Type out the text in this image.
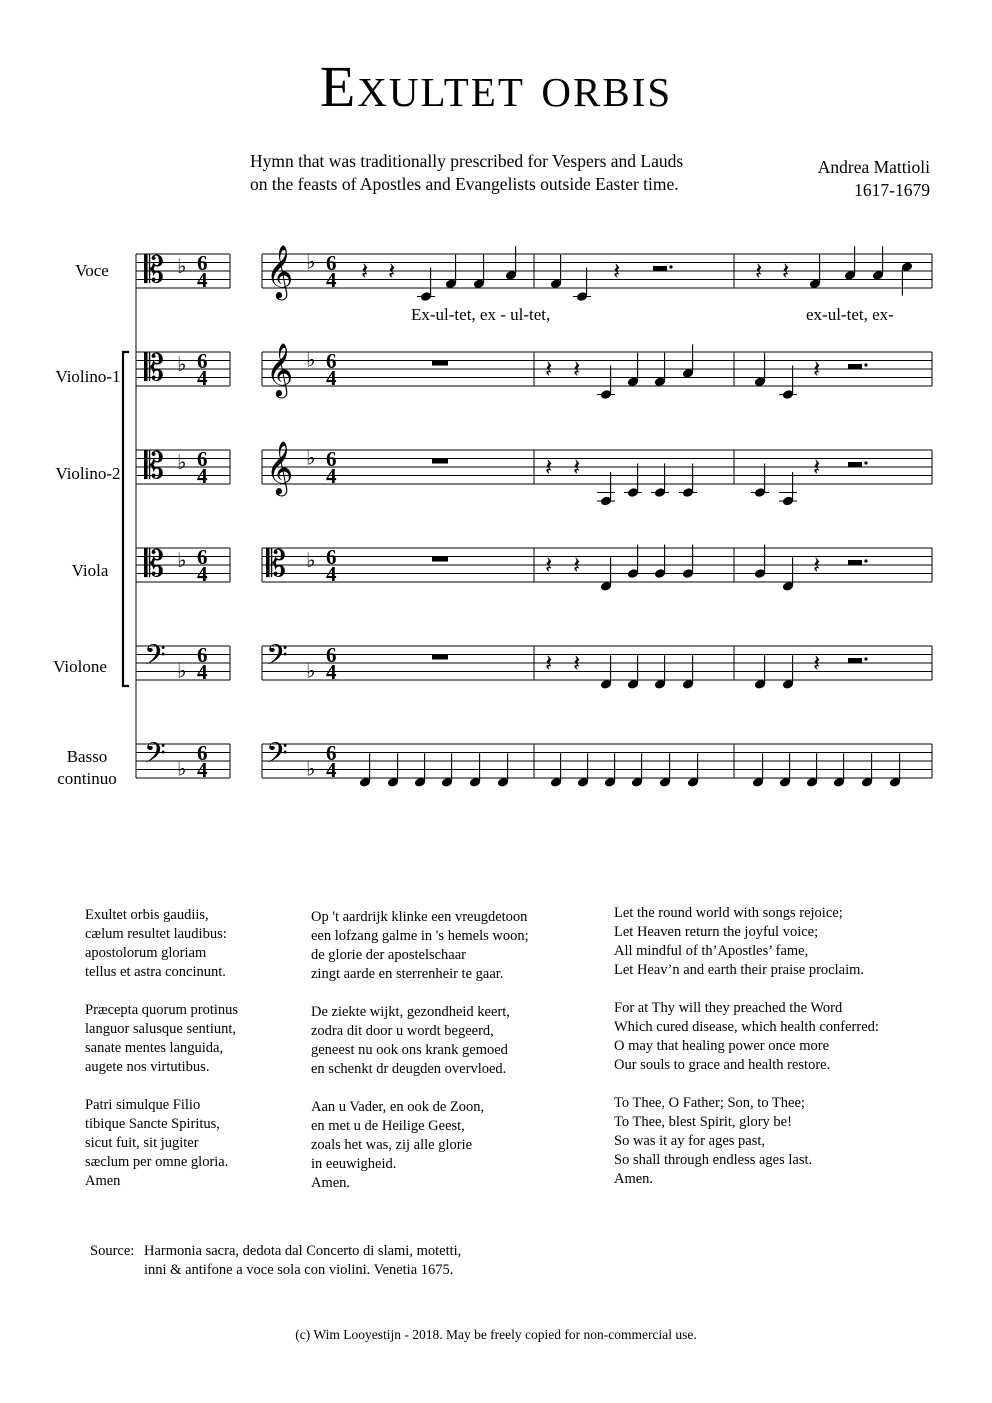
Exultet orbis
Hymn that was traditionally prescribed for Vespers and Lauds
on the feasts of Apostles and Evangelists outside Easter time.
Andrea Mattioli
1617-1679
𝄡 ♭ 6
4
𝄡 ♭ 6
4
𝄡 ♭ 6
4
𝄡 ♭ 6
4
𝄢 ♭
6
4
𝄢 ♭
6
4
𝄞 ♭ 6
4
𝄞 ♭ 6
4
𝄞 ♭ 6
4
𝄡 ♭ 6
4
𝄢 ♭
6
4
𝄢 ♭
6
4
𝄽 𝄽	𝄽	𝄽 𝄽
𝄽 𝄽	𝄽
𝄽 𝄽	𝄽
𝄽 𝄽	𝄽
𝄽 𝄽	𝄽
Voce
Violino-1
Violino-2
Viola
Violone
Basso continuo
Ex-ul-tet, ex - ul-tet,	ex-ul-tet, ex-

Exultet orbis gaudiis,

cælum resultet laudibus:

apostolorum gloriam

tellus et astra concinunt.

Præcepta quorum protinus

languor salusque sentiunt,

sanate mentes languida,

augete nos virtutibus.

Patri simulque Filio

tibique Sancte Spiritus,

sicut fuit, sit jugiter

sæclum per omne gloria.

Amen

Op 't aardrijk klinke een vreugdetoon

een lofzang galme in 's hemels woon;

de glorie der apostelschaar

zingt aarde en sterrenheir te gaar.

De ziekte wijkt, gezondheid keert,

zodra dit door u wordt begeerd,

geneest nu ook ons krank gemoed

en schenkt dr deugden overvloed.

Aan u Vader, en ook de Zoon,

en met u de Heilige Geest,

zoals het was, zij alle glorie

in eeuwigheid.

Amen.

Let the round world with songs rejoice;

Let Heaven return the joyful voice;

All mindful of th’Apostles’ fame,

Let Heav’n and earth their praise proclaim.

For at Thy will they preached the Word

Which cured disease, which health conferred:

O may that healing power once more

Our souls to grace and health restore.

To Thee, O Father; Son, to Thee;

To Thee, blest Spirit, glory be!

So was it ay for ages past,

So shall through endless ages last.

Amen.

Source: Harmonia sacra, dedota dal Concerto di slami, motetti,
inni & antifone a voce sola con violini. Venetia 1675.
(c) Wim Looyestijn - 2018. May be freely copied for non-commercial use.
